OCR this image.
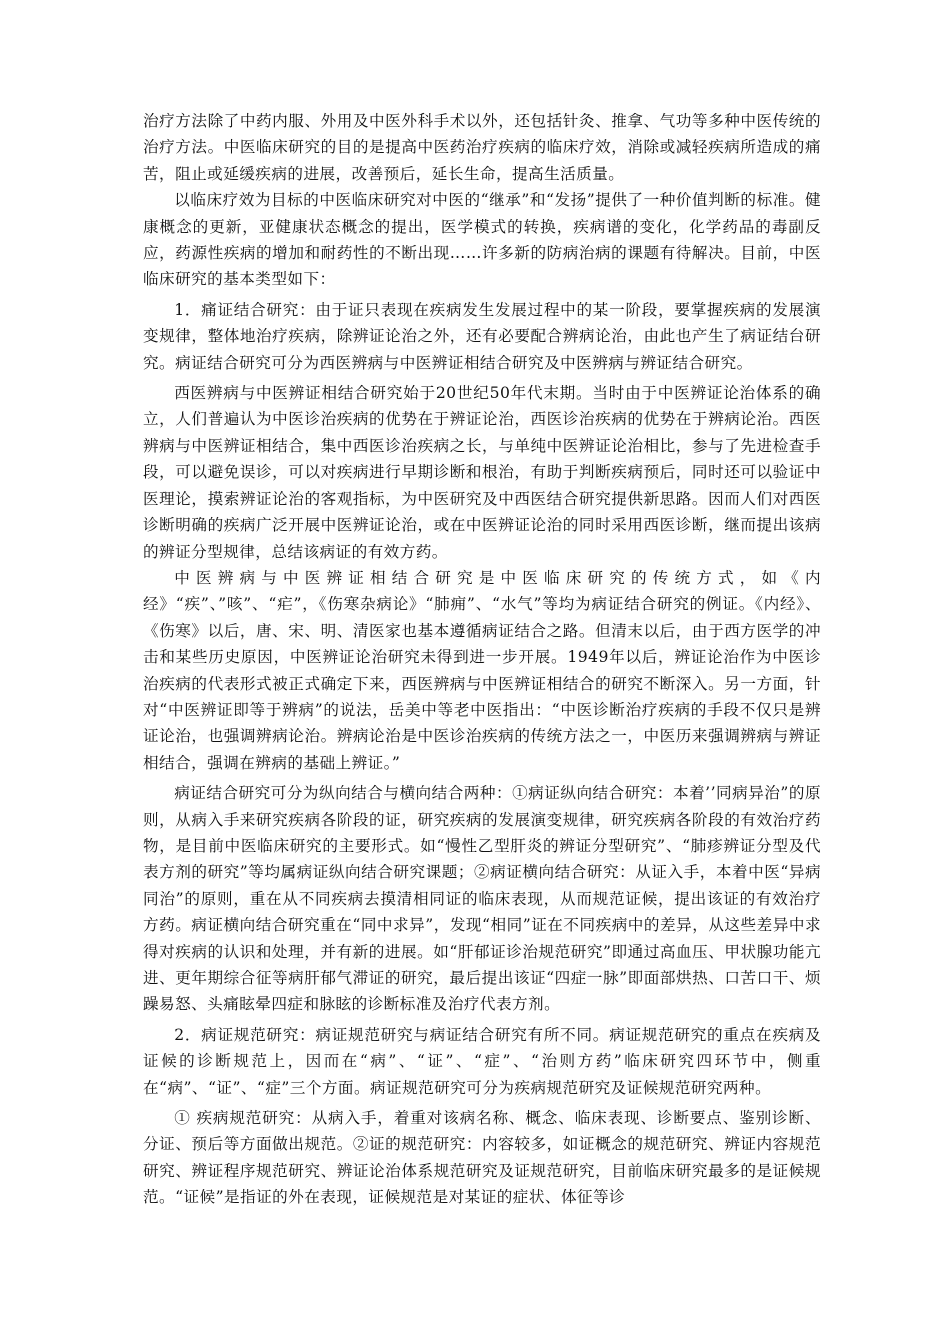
治疗方法除了中药内服、外用及中医外科手术以外，还包括针灸、推拿、气功等多种中医传统的治疗方法。中医临床研究的目的是提高中医药治疗疾病的临床疗效，消除或减轻疾病所造成的痛苦，阻止或延缓疾病的进展，改善预后，延长生命，提高生活质量。

以临床疗效为目标的中医临床研究对中医的“继承”和“发扬”提供了一种价值判断的标准。健康概念的更新，亚健康状态概念的提出，医学模式的转换，疾病谱的变化，化学药品的毒副反应，药源性疾病的增加和耐药性的不断出现……许多新的防病治病的课题有待解决。目前，中医临床研究的基本类型如下：

1．痛证结合研究：由于证只表现在疾病发生发展过程中的某一阶段，要掌握疾病的发展演变规律，整体地治疗疾病，除辨证论治之外，还有必要配合辨病论治，由此也产生了病证结台研究。病证结合研究可分为西医辨病与中医辨证相结合研究及中医辨病与辨证结合研究。

西医辨病与中医辨证相结合研究始于20世纪50年代末期。当时由于中医辨证论治体系的确立，人们普遍认为中医诊治疾病的优势在于辨证论治，西医诊治疾病的优势在于辨病论治。西医辨病与中医辨证相结合，集中西医诊治疾病之长，与单纯中医辨证论治相比，参与了先进检查手段，可以避免误诊，可以对疾病进行早期诊断和根治，有助于判断疾病预后，同时还可以验证中医理论，摸索辨证论治的客观指标，为中医研究及中西医结合研究提供新思路。因而人们对西医诊断明确的疾病广泛开展中医辨证论治，或在中医辨证论治的同时采用西医诊断，继而提出该病的辨证分型规律，总结该病证的有效方药。

中医辨病与中医辨证相结合研究是中医临床研究的传统方式，如《内经》“疾”、”咳”、“疟”，《伤寒杂病论》“肺痈”、“水气”等均为病证结合研究的例证。《内经》、《伤寒》以后，唐、宋、明、清医家也基本遵循病证结合之路。但清末以后，由于西方医学的冲击和某些历史原因，中医辨证论治研究未得到进一步开展。1949年以后，辨证论治作为中医诊治疾病的代表形式被正式确定下来，西医辨病与中医辨证相结合的研究不断深入。另一方面，针对“中医辨证即等于辨病”的说法，岳美中等老中医指出：“中医诊断治疗疾病的手段不仅只是辨证论治，也强调辨病论治。辨病论治是中医诊治疾病的传统方法之一，中医历来强调辨病与辨证相结合，强调在辨病的基础上辨证。”

病证结合研究可分为纵向结合与横向结合两种：①病证纵向结合研究：本着’’同病异治”的原则，从病入手来研究疾病各阶段的证，研究疾病的发展演变规律，研究疾病各阶段的有效治疗药物，是目前中医临床研究的主要形式。如“慢性乙型肝炎的辨证分型研究”、“肺疹辨证分型及代表方剂的研究”等均属病证纵向结合研究课题；②病证横向结合研究：从证入手，本着中医“异病同治”的原则，重在从不同疾病去摸清相同证的临床表现，从而规范证候，提出该证的有效治疗方药。病证横向结合研究重在“同中求异”，发现“相同”证在不同疾病中的差异，从这些差异中求得对疾病的认识和处理，并有新的进展。如“肝郁证诊治规范研究”即通过高血压、甲状腺功能亢进、更年期综合征等病肝郁气滞证的研究，最后提出该证“四症一脉”即面部烘热、口苦口干、烦躁易怒、头痛眩晕四症和脉眩的诊断标准及治疗代表方剂。

2．病证规范研究：病证规范研究与病证结合研究有所不同。病证规范研究的重点在疾病及证候的诊断规范上，因而在“病”、“证”、“症”、“治则方药”临床研究四环节中，侧重在“病”、“证”、“症”三个方面。病证规范研究可分为疾病规范研究及证候规范研究两种。

① 疾病规范研究：从病入手，着重对该病名称、概念、临床表现、诊断要点、鉴别诊断、分证、预后等方面做出规范。②证的规范研究：内容较多，如证概念的规范研究、辨证内容规范研究、辨证程序规范研究、辨证论治体系规范研究及证规范研究，目前临床研究最多的是证候规范。“证候”是指证的外在表现，证候规范是对某证的症状、体征等诊
